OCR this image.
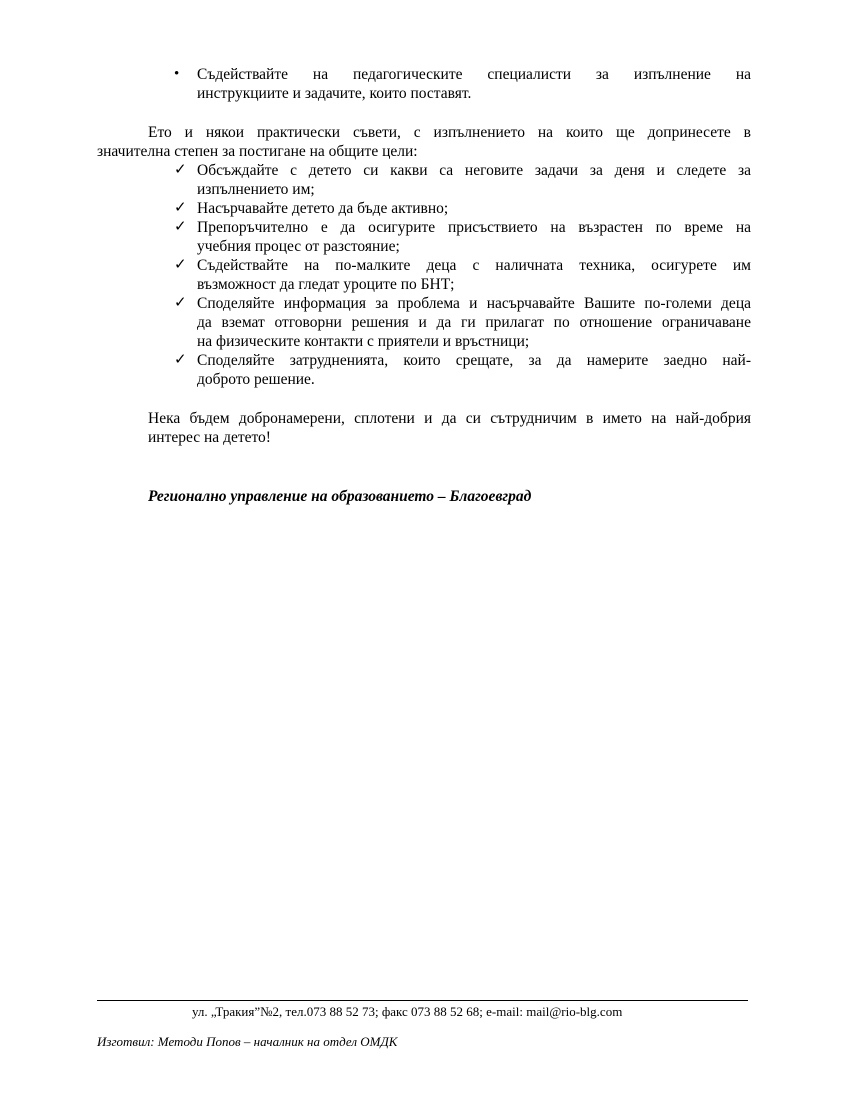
• Съдействайте на педагогическите специалисти за изпълнение на
инструкциите и задачите, които поставят.
Ето и някои практически съвети, с изпълнението на които ще допринесете в
значителна степен за постигане на общите цели:
✓ Обсъждайте с детето си какви са неговите задачи за деня и следете за
изпълнението им;
✓ Насърчавайте детето да бъде активно;
✓ Препоръчително е да осигурите присъствието на възрастен по време на
учебния процес от разстояние;
✓ Съдействайте на по-малките деца с наличната техника, осигурете им
възможност да гледат уроците по БНТ;
✓ Споделяйте информация за проблема и насърчавайте Вашите по-големи деца
да вземат отговорни решения и да ги прилагат по отношение ограничаване
на физическите контакти с приятели и връстници;
✓ Споделяйте затрудненията, които срещате, за да намерите заедно най-
доброто решение.
Нека бъдем добронамерени, сплотени и да си сътрудничим в името на най-добрия
интерес на детето!
Регионално управление на образованието – Благоевград
ул. „Тракия”№2, тел.073 88 52 73; факс 073 88 52 68; e-mail: mail@rio-blg.com
Изготвил: Методи Попов – началник на отдел ОМДК
